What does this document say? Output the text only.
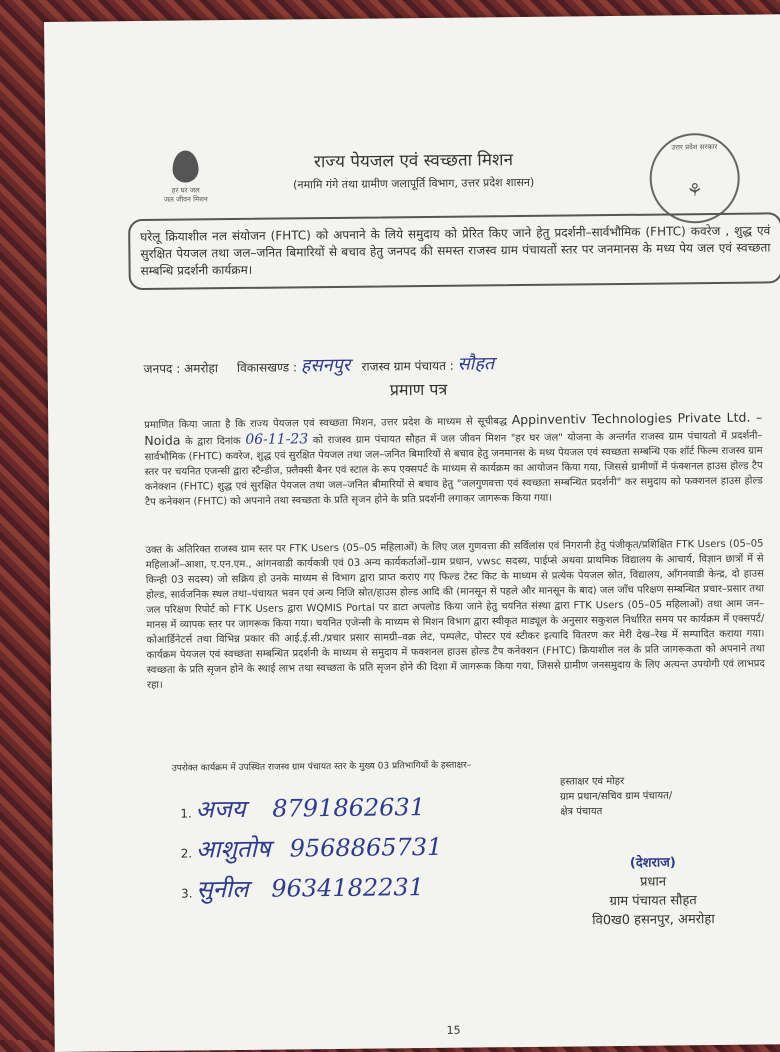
हर घर जल
जल जीवन मिशन
उत्तर प्रदेश सरकार
⚘
राज्य पेयजल एवं स्वच्छता मिशन
(नमामि गंगे तथा ग्रामीण जलापूर्ति विभाग, उत्तर प्रदेश शासन)
घरेलू क्रियाशील नल संयोजन (FHTC) को अपनाने के लिये समुदाय को प्रेरित किए जाने हेतु प्रदर्शनी–सार्वभौमिक (FHTC) कवरेज , शुद्ध एवं सुरक्षित पेयजल तथा जल–जनित बिमारियों से बचाव हेतु जनपद की समस्त राजस्व ग्राम पंचायतों स्तर पर जनमानस के मध्य पेय जल एवं स्वच्छता सम्बन्धि प्रदर्शनी कार्यक्रम।
जनपद : अमरोहा विकासखण्ड : हसनपुर राजस्व ग्राम पंचायत : सौहत
प्रमाण पत्र
प्रमाणित किया जाता है कि राज्य पेयजल एवं स्वच्छता मिशन, उत्तर प्रदेश के माध्यम से सूचीबद्ध Appinventiv Technologies Private Ltd. – Noida के द्वारा दिनांक 06-11-23 को राजस्व ग्राम पंचायत सौहत में जल जीवन मिशन "हर घर जल" योजना के अन्तर्गत राजस्व ग्राम पंचायतो में प्रदर्शनी–सार्वभौमिक (FHTC) कवरेज, शुद्ध एवं सुरक्षित पेयजल तथा जल–जनित बिमारियों से बचाव हेतु जनमानस के मध्य पेयजल एवं स्वच्छता सम्बन्धि एक शॉर्ट फिल्म राजस्व ग्राम स्तर पर चयनित एजन्सी द्वारा स्टैन्डीज, फ़्लैक्सी बैनर एवं स्टाल के रूप एक्सपर्ट के माध्यम से कार्यक्रम का आयोजन किया गया, जिससे ग्रामीणों में फंक्शनल हाउस होल्ड टैप कनेक्शन (FHTC) शुद्ध एवं सुरक्षित पेयजल तथा जल–जनित बीमारियों से बचाव हेतु "जलगुणवत्ता एवं स्वच्छता सम्बन्धित प्रदर्शनी" कर समुदाय को फक्शनल हाउस होल्ड टैप कनेक्शन (FHTC) को अपनाने तथा स्वच्छता के प्रति सृजन होने के प्रति प्रदर्शनी लगाकर जागरूक किया गया।
उक्त के अतिरिक्त राजस्व ग्राम स्तर पर FTK Users (05–05 महिलाओं) के लिए जल गुणवत्ता की सर्विलांस एवं निगरानी हेतु पंजीकृत/प्रशिक्षित FTK Users (05–05 महिलाओं–आशा, ए.एन.एम., आंगनवाडी कार्यकत्री एवं 03 अन्य कार्यकर्ताओं–ग्राम प्रधान, vwsc सदस्य, पाईप्से अथवा प्राथमिक विद्यालय के आचार्य, विज्ञान छात्रों में से किन्ही 03 सदस्य) जो सक्रिय हो उनके माध्यम से विभाग द्वारा प्राप्त कराए गए फिल्ड टेस्ट किट के माध्यम से प्रत्येक पेयजल स्रोत, विद्यालय, आँगनवाडी केन्द्र, दो हाउस होल्ड, सार्वजनिक स्थल तथा–पंचायत भवन एवं अन्य निजि स्रोत/हाउस होल्ड आदि की (मानसून से पहले और मानसून के बाद) जल जाँच परिक्षण सम्बन्धित प्रचार–प्रसार तथा जल परिक्षण रिपोर्ट को FTK Users द्वारा WQMIS Portal पर डाटा अपलोड किया जाने हेतु चयनित संस्था द्वारा FTK Users (05–05 महिलाओं) तथा आम जन–मानस में व्यापक स्तर पर जागरूक किया गया। चयनित एजेन्सी के माध्यम से मिशन विभाग द्वारा स्वीकृत माड्यूल के अनुसार सकुशल निर्धारित समय पर कार्यक्रम में एक्सपर्ट/कोआर्डिनेटर्स तथा विभिन्न प्रकार की आई.ई.सी./प्रचार प्रसार सामग्री–वक्र लेट, पम्पलेट, पोस्टर एवं स्टीकर इत्यादि वितरण कर मेरी देख–रेख में सम्पादित कराया गया। कार्यक्रम पेयजल एवं स्वच्छता सम्बन्धित प्रदर्शनी के माध्यम से समुदाय में फक्शनल हाउस होल्ड टैप कनेक्शन (FHTC) क्रियाशील नल के प्रति जागरूकता को अपनाने तथा स्वच्छता के प्रति सृजन होने के स्थाई लाभ तथा स्वच्छता के प्रति सृजन होने की दिशा में जागरूक किया गया, जिससे ग्रामीण जनसमुदाय के लिए अत्यन्त उपयोगी एवं लाभप्रद रहा।
उपरोक्त कार्यक्रम में उपस्थित राजस्व ग्राम पंचायत स्तर के मुख्य 03 प्रतिभागियों के हस्ताक्षर–
1. अजय 8791862631
2. आशुतोष 9568865731
3. सुनील 9634182231
हस्ताक्षर एवं मोहर
ग्राम प्रधान/सचिव ग्राम पंचायत/
क्षेत्र पंचायत
(देशराज)
प्रधान
ग्राम पंचायत सौहत
वि0ख0 हसनपुर, अमरोहा
15
